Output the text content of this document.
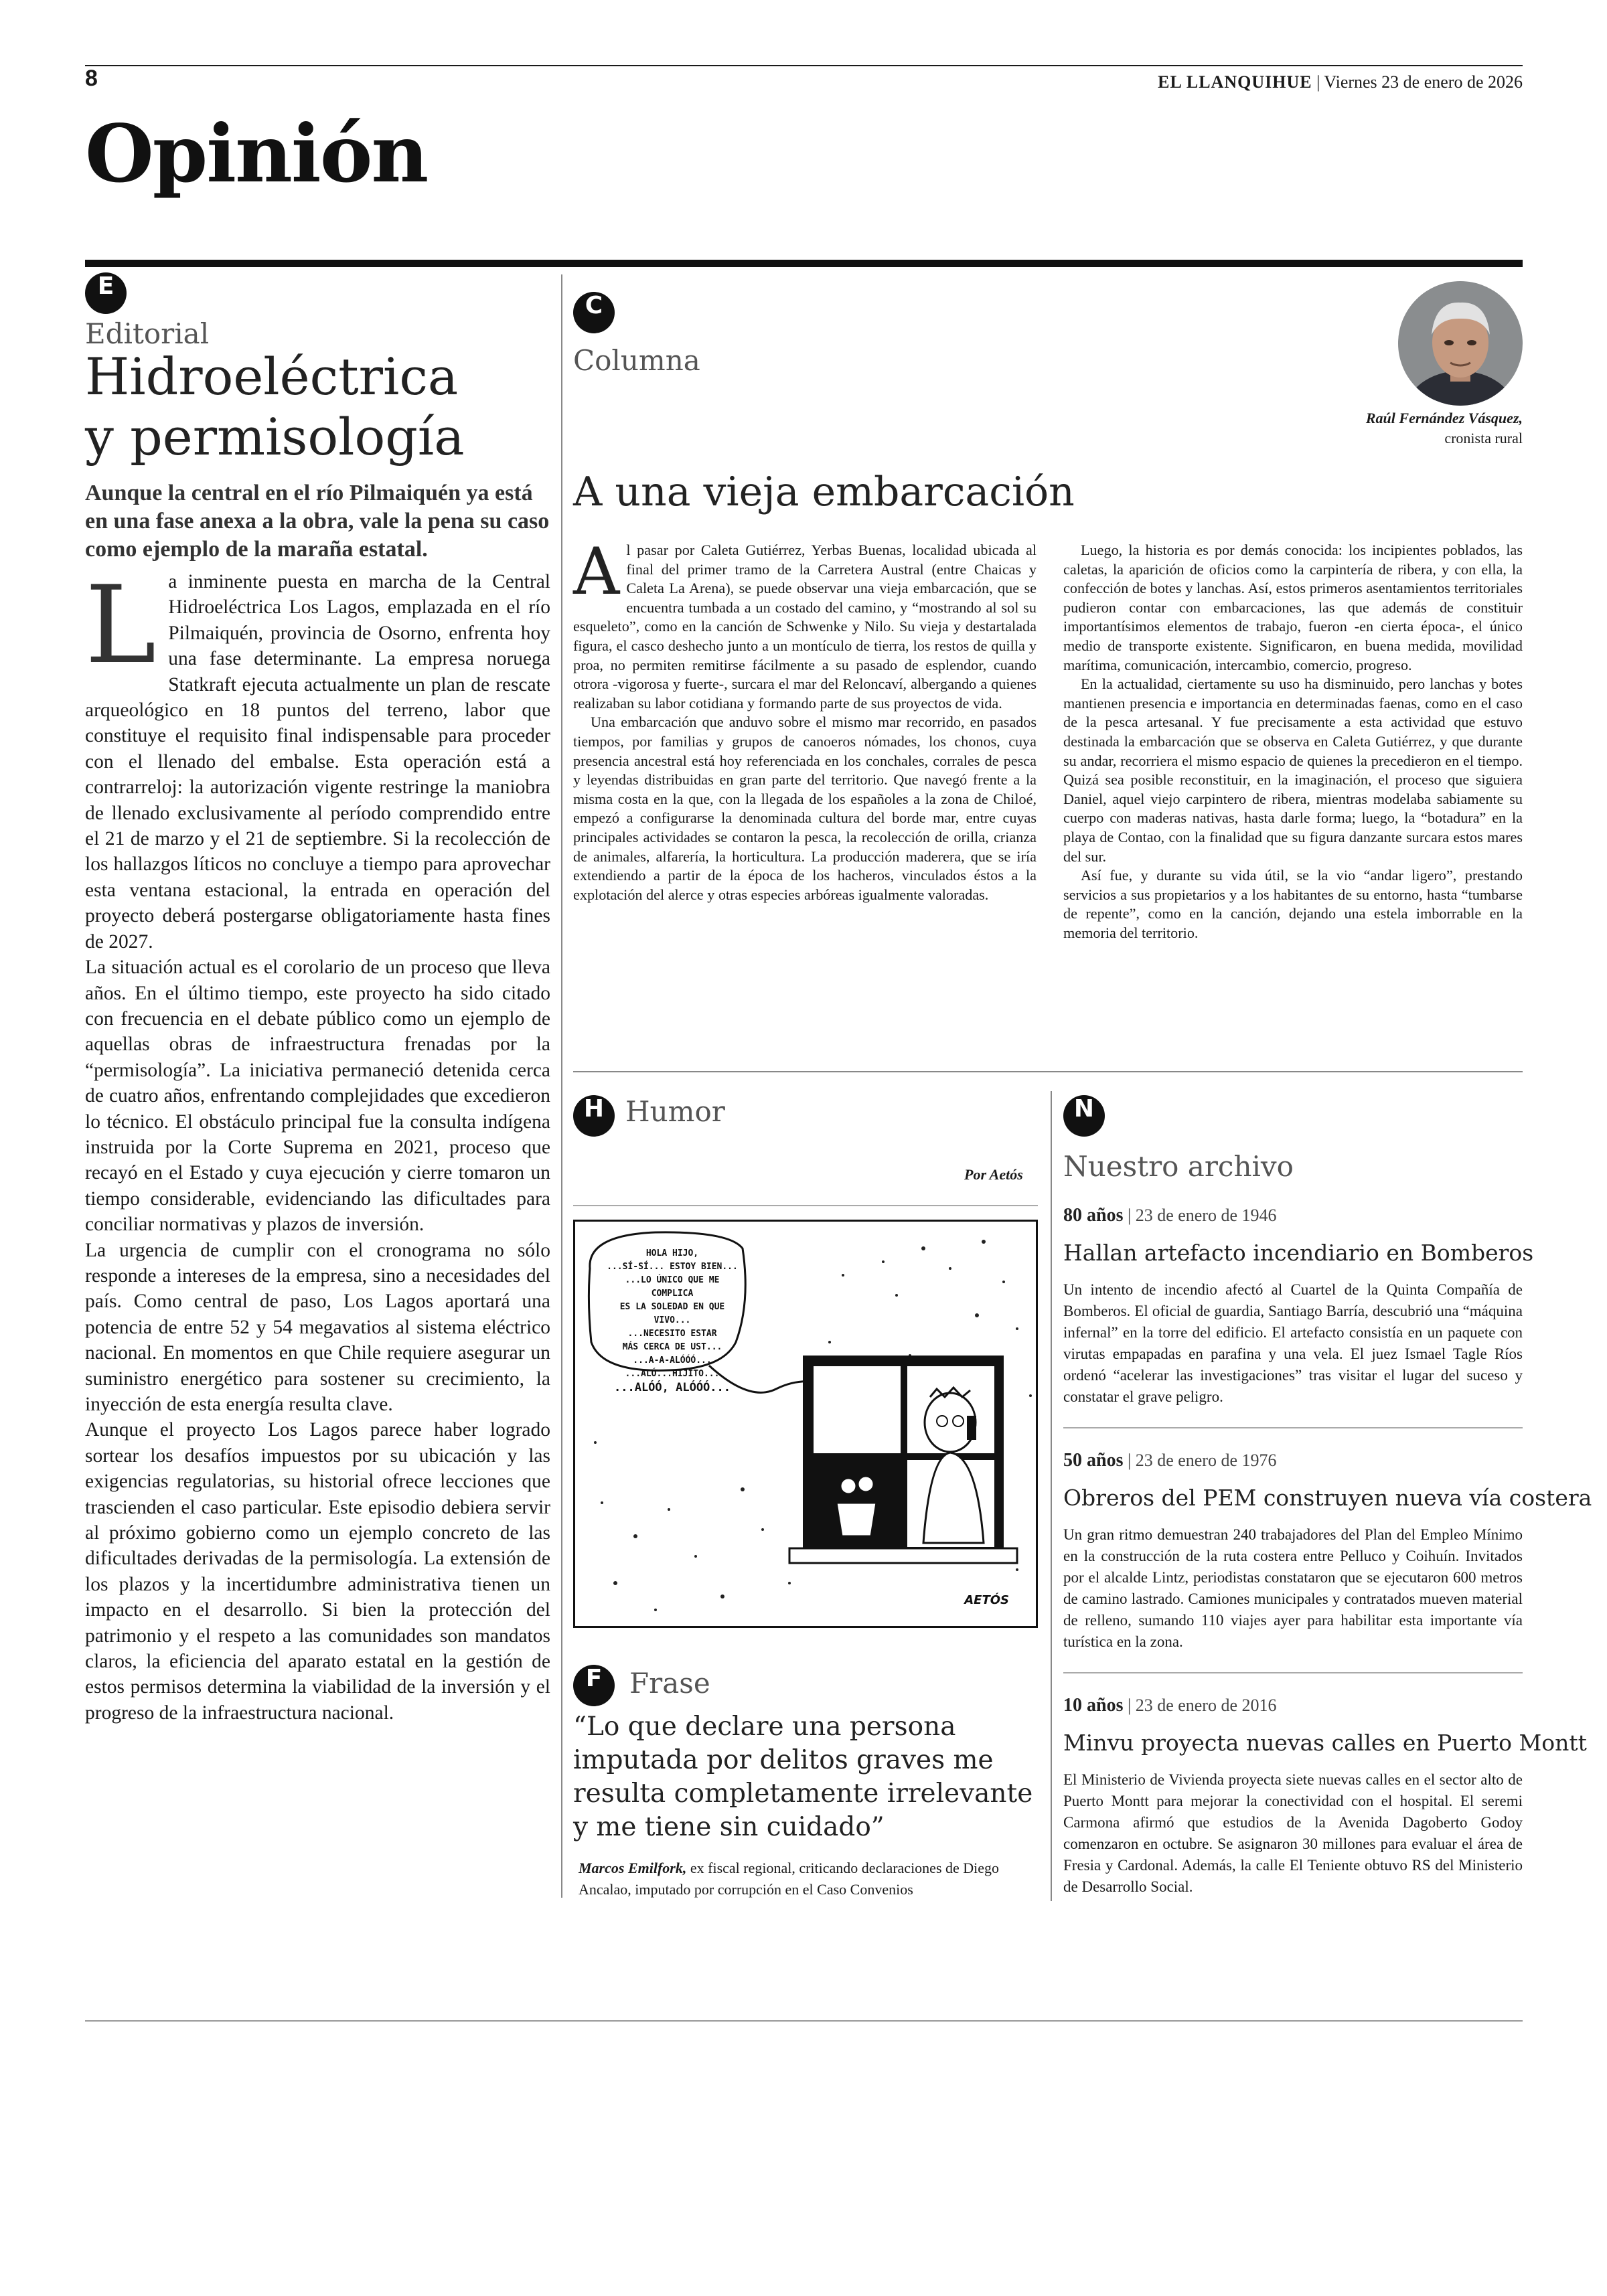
8	EL LLANQUIHUE | Viernes 23 de enero de 2026
Opinión
E
Editorial
Hidroeléctrica
y permisología
Aunque la central en el río Pilmaiquén ya está en una fase anexa a la obra, vale la pena su caso como ejemplo de la maraña estatal.
L a inminente puesta en marcha de la Central Hidroeléctrica Los Lagos, emplazada en el río Pilmaiquén, provincia de Osorno, enfrenta hoy una fase determinante. La empresa noruega Statkraft ejecuta actualmente un plan de rescate arqueológico en 18 puntos del terreno, labor que constituye el requisito final indispensable para proceder con el llenado del embalse. Esta operación está a contrarreloj: la autorización vigente restringe la maniobra de llenado exclusivamente al período comprendido entre el 21 de marzo y el 21 de septiembre. Si la recolección de los hallazgos líticos no concluye a tiempo para aprovechar esta ventana estacional, la entrada en operación del proyecto deberá postergarse obligatoriamente hasta fines de 2027.

La situación actual es el corolario de un proceso que lleva años. En el último tiempo, este proyecto ha sido citado con frecuencia en el debate público como un ejemplo de aquellas obras de infraestructura frenadas por la “permisología”. La iniciativa permaneció detenida cerca de cuatro años, enfrentando complejidades que excedieron lo técnico. El obstáculo principal fue la consulta indígena instruida por la Corte Suprema en 2021, proceso que recayó en el Estado y cuya ejecución y cierre tomaron un tiempo considerable, evidenciando las dificultades para conciliar normativas y plazos de inversión.

La urgencia de cumplir con el cronograma no sólo responde a intereses de la empresa, sino a necesidades del país. Como central de paso, Los Lagos aportará una potencia de entre 52 y 54 megavatios al sistema eléctrico nacional. En momentos en que Chile requiere asegurar un suministro energético para sostener su crecimiento, la inyección de esta energía resulta clave.

Aunque el proyecto Los Lagos parece haber logrado sortear los desafíos impuestos por su ubicación y las exigencias regulatorias, su historial ofrece lecciones que trascienden el caso particular. Este episodio debiera servir al próximo gobierno como un ejemplo concreto de las dificultades derivadas de la permisología. La extensión de los plazos y la incertidumbre administrativa tienen un impacto en el desarrollo. Si bien la protección del patrimonio y el respeto a las comunidades son mandatos claros, la eficiencia del aparato estatal en la gestión de estos permisos determina la viabilidad de la inversión y el progreso de la infraestructura nacional.

C
Columna
Raúl Fernández Vásquez,
cronista rural
A una vieja embarcación

Al pasar por Caleta Gutiérrez, Yerbas Buenas, localidad ubicada al final del primer tramo de la Carretera Austral (entre Chaicas y Caleta La Arena), se puede observar una vieja embarcación, que se encuentra tumbada a un costado del camino, y “mostrando al sol su esqueleto”, como en la canción de Schwenke y Nilo. Su vieja y destartalada figura, el casco deshecho junto a un montículo de tierra, los restos de quilla y proa, no permiten remitirse fácilmente a su pasado de esplendor, cuando otrora -vigorosa y fuerte-, surcara el mar del Reloncaví, albergando a quienes realizaban su labor cotidiana y formando parte de sus proyectos de vida.

Una embarcación que anduvo sobre el mismo mar recorrido, en pasados tiempos, por familias y grupos de canoeros nómades, los chonos, cuya presencia ancestral está hoy referenciada en los conchales, corrales de pesca y leyendas distribuidas en gran parte del territorio. Que navegó frente a la misma costa en la que, con la llegada de los españoles a la zona de Chiloé, empezó a configurarse la denominada cultura del borde mar, entre cuyas principales actividades se contaron la pesca, la recolección de orilla, crianza de animales, alfarería, la horticultura. La producción maderera, que se iría extendiendo a partir de la época de los hacheros, vinculados éstos a la explotación del alerce y otras especies arbóreas igualmente valoradas.

Luego, la historia es por demás conocida: los incipientes poblados, las caletas, la aparición de oficios como la carpintería de ribera, y con ella, la confección de botes y lanchas. Así, estos primeros asentamientos territoriales pudieron contar con embarcaciones, las que además de constituir importantísimos elementos de trabajo, fueron -en cierta época-, el único medio de transporte existente. Significaron, en buena medida, movilidad marítima, comunicación, intercambio, comercio, progreso.

En la actualidad, ciertamente su uso ha disminuido, pero lanchas y botes mantienen presencia e importancia en determinadas faenas, como en el caso de la pesca artesanal. Y fue precisamente a esta actividad que estuvo destinada la embarcación que se observa en Caleta Gutiérrez, y que durante su andar, recorriera el mismo espacio de quienes la precedieron en el tiempo. Quizá sea posible reconstituir, en la imaginación, el proceso que siguiera Daniel, aquel viejo carpintero de ribera, mientras modelaba sabiamente su cuerpo con maderas nativas, hasta darle forma; luego, la “botadura” en la playa de Contao, con la finalidad que su figura danzante surcara estos mares del sur.

Así fue, y durante su vida útil, se la vio “andar ligero”, prestando servicios a sus propietarios y a los habitantes de su entorno, hasta “tumbarse de repente”, como en la canción, dejando una estela imborrable en la memoria del territorio.

H Humor
Por Aetós
HOLA HIJO,
...SÍ-SÍ... ESTOY BIEN...
...LO ÚNICO QUE ME COMPLICA
ES LA SOLEDAD EN QUE VIVO...
...NECESITO ESTAR
MÁS CERCA DE UST...
...A-A-ALÓÓÓ...
...ALÓ...HIJITO...
...ALÓÓ, ALÓÓÓ...
AETÓS
F Frase
“Lo que declare una persona imputada por delitos graves me resulta completamente irrelevante y me tiene sin cuidado”
Marcos Emilfork, ex fiscal regional, criticando declaraciones de Diego Ancalao, imputado por corrupción en el Caso Convenios
N
Nuestro archivo
80 años | 23 de enero de 1946
Hallan artefacto incendiario en Bomberos
Un intento de incendio afectó al Cuartel de la Quinta Compañía de Bomberos. El oficial de guardia, Santiago Barría, descubrió una “máquina infernal” en la torre del edificio. El artefacto consistía en un paquete con virutas empapadas en parafina y una vela. El juez Ismael Tagle Ríos ordenó “acelerar las investigaciones” tras visitar el lugar del suceso y constatar el grave peligro.
50 años | 23 de enero de 1976
Obreros del PEM construyen nueva vía costera
Un gran ritmo demuestran 240 trabajadores del Plan del Empleo Mínimo en la construcción de la ruta costera entre Pelluco y Coihuín. Invitados por el alcalde Lintz, periodistas constataron que se ejecutaron 600 metros de camino lastrado. Camiones municipales y contratados mueven material de relleno, sumando 110 viajes ayer para habilitar esta importante vía turística en la zona.
10 años | 23 de enero de 2016
Minvu proyecta nuevas calles en Puerto Montt
El Ministerio de Vivienda proyecta siete nuevas calles en el sector alto de Puerto Montt para mejorar la conectividad con el hospital. El seremi Carmona afirmó que estudios de la Avenida Dagoberto Godoy comenzaron en octubre. Se asignaron 30 millones para evaluar el área de Fresia y Cardonal. Además, la calle El Teniente obtuvo RS del Ministerio de Desarrollo Social.
